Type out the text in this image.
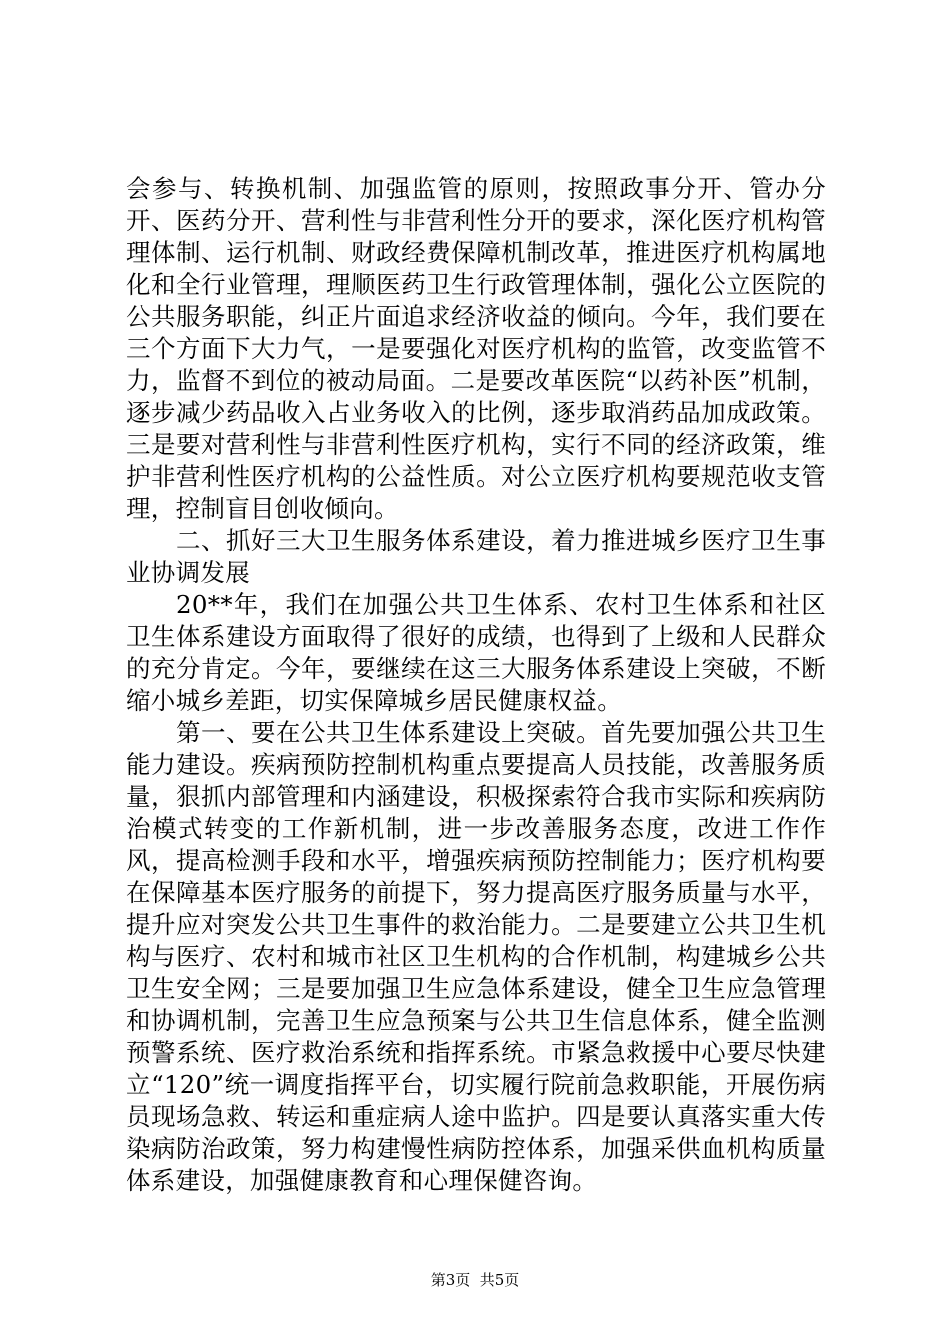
会参与、转换机制、加强监管的原则，按照政事分开、管办分开、医药分开、营利性与非营利性分开的要求，深化医疗机构管理体制、运行机制、财政经费保障机制改革，推进医疗机构属地化和全行业管理，理顺医药卫生行政管理体制，强化公立医院的公共服务职能，纠正片面追求经济收益的倾向。今年，我们要在三个方面下大力气，一是要强化对医疗机构的监管，改变监管不力，监督不到位的被动局面。二是要改革医院“以药补医”机制，逐步减少药品收入占业务收入的比例，逐步取消药品加成政策。三是要对营利性与非营利性医疗机构，实行不同的经济政策，维护非营利性医疗机构的公益性质。对公立医疗机构要规范收支管理，控制盲目创收倾向。

二、抓好三大卫生服务体系建设，着力推进城乡医疗卫生事业协调发展

20**年，我们在加强公共卫生体系、农村卫生体系和社区卫生体系建设方面取得了很好的成绩，也得到了上级和人民群众的充分肯定。今年，要继续在这三大服务体系建设上突破，不断缩小城乡差距，切实保障城乡居民健康权益。

第一、要在公共卫生体系建设上突破。首先要加强公共卫生能力建设。疾病预防控制机构重点要提高人员技能，改善服务质量，狠抓内部管理和内涵建设，积极探索符合我市实际和疾病防治模式转变的工作新机制，进一步改善服务态度，改进工作作风，提高检测手段和水平，增强疾病预防控制能力；医疗机构要在保障基本医疗服务的前提下，努力提高医疗服务质量与水平，提升应对突发公共卫生事件的救治能力。二是要建立公共卫生机构与医疗、农村和城市社区卫生机构的合作机制，构建城乡公共卫生安全网；三是要加强卫生应急体系建设，健全卫生应急管理和协调机制，完善卫生应急预案与公共卫生信息体系，健全监测预警系统、医疗救治系统和指挥系统。市紧急救援中心要尽快建立“120”统一调度指挥平台，切实履行院前急救职能，开展伤病员现场急救、转运和重症病人途中监护。四是要认真落实重大传染病防治政策，努力构建慢性病防控体系，加强采供血机构质量体系建设，加强健康教育和心理保健咨询。

第3页  共5页
